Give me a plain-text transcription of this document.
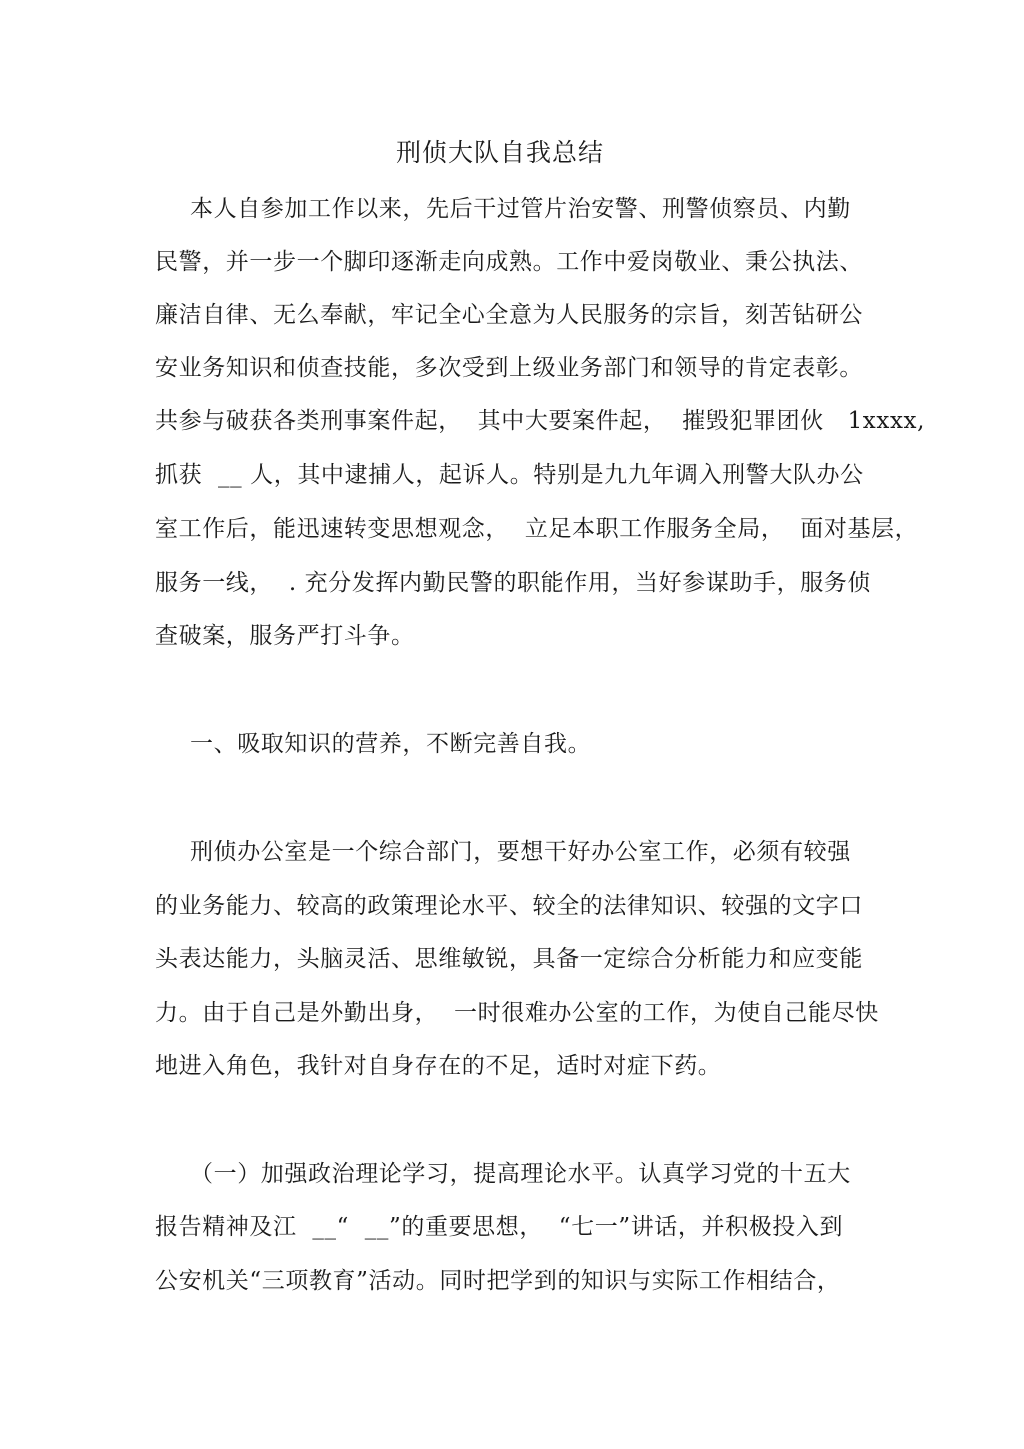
刑侦大队自我总结
本人自参加工作以来，先后干过管片治安警、刑警侦察员、内勤
民警，并一步一个脚印逐渐走向成熟。工作中爱岗敬业、秉公执法、
廉洁自律、无么奉献，牢记全心全意为人民服务的宗旨，刻苦钻研公
安业务知识和侦查技能，多次受到上级业务部门和领导的肯定表彰。
共参与破获各类刑事案件起，  其中大要案件起，  摧毁犯罪团伙   1xxxx,
抓获  __ 人，其中逮捕人，起诉人。特别是九九年调入刑警大队办公
室工作后，能迅速转变思想观念，  立足本职工作服务全局，  面对基层，
服务一线，  . 充分发挥内勤民警的职能作用，当好参谋助手，服务侦
查破案，服务严打斗争。
一、吸取知识的营养，不断完善自我。
刑侦办公室是一个综合部门，要想干好办公室工作，必须有较强
的业务能力、较高的政策理论水平、较全的法律知识、较强的文字口
头表达能力，头脑灵活、思维敏锐，具备一定综合分析能力和应变能
力。由于自己是外勤出身，  一时很难办公室的工作，为使自己能尽快
地进入角色，我针对自身存在的不足，适时对症下药。
（一）加强政治理论学习，提高理论水平。认真学习党的十五大
报告精神及江  __“  __”的重要思想，  “七一”讲话，并积极投入到
公安机关“三项教育”活动。同时把学到的知识与实际工作相结合，
